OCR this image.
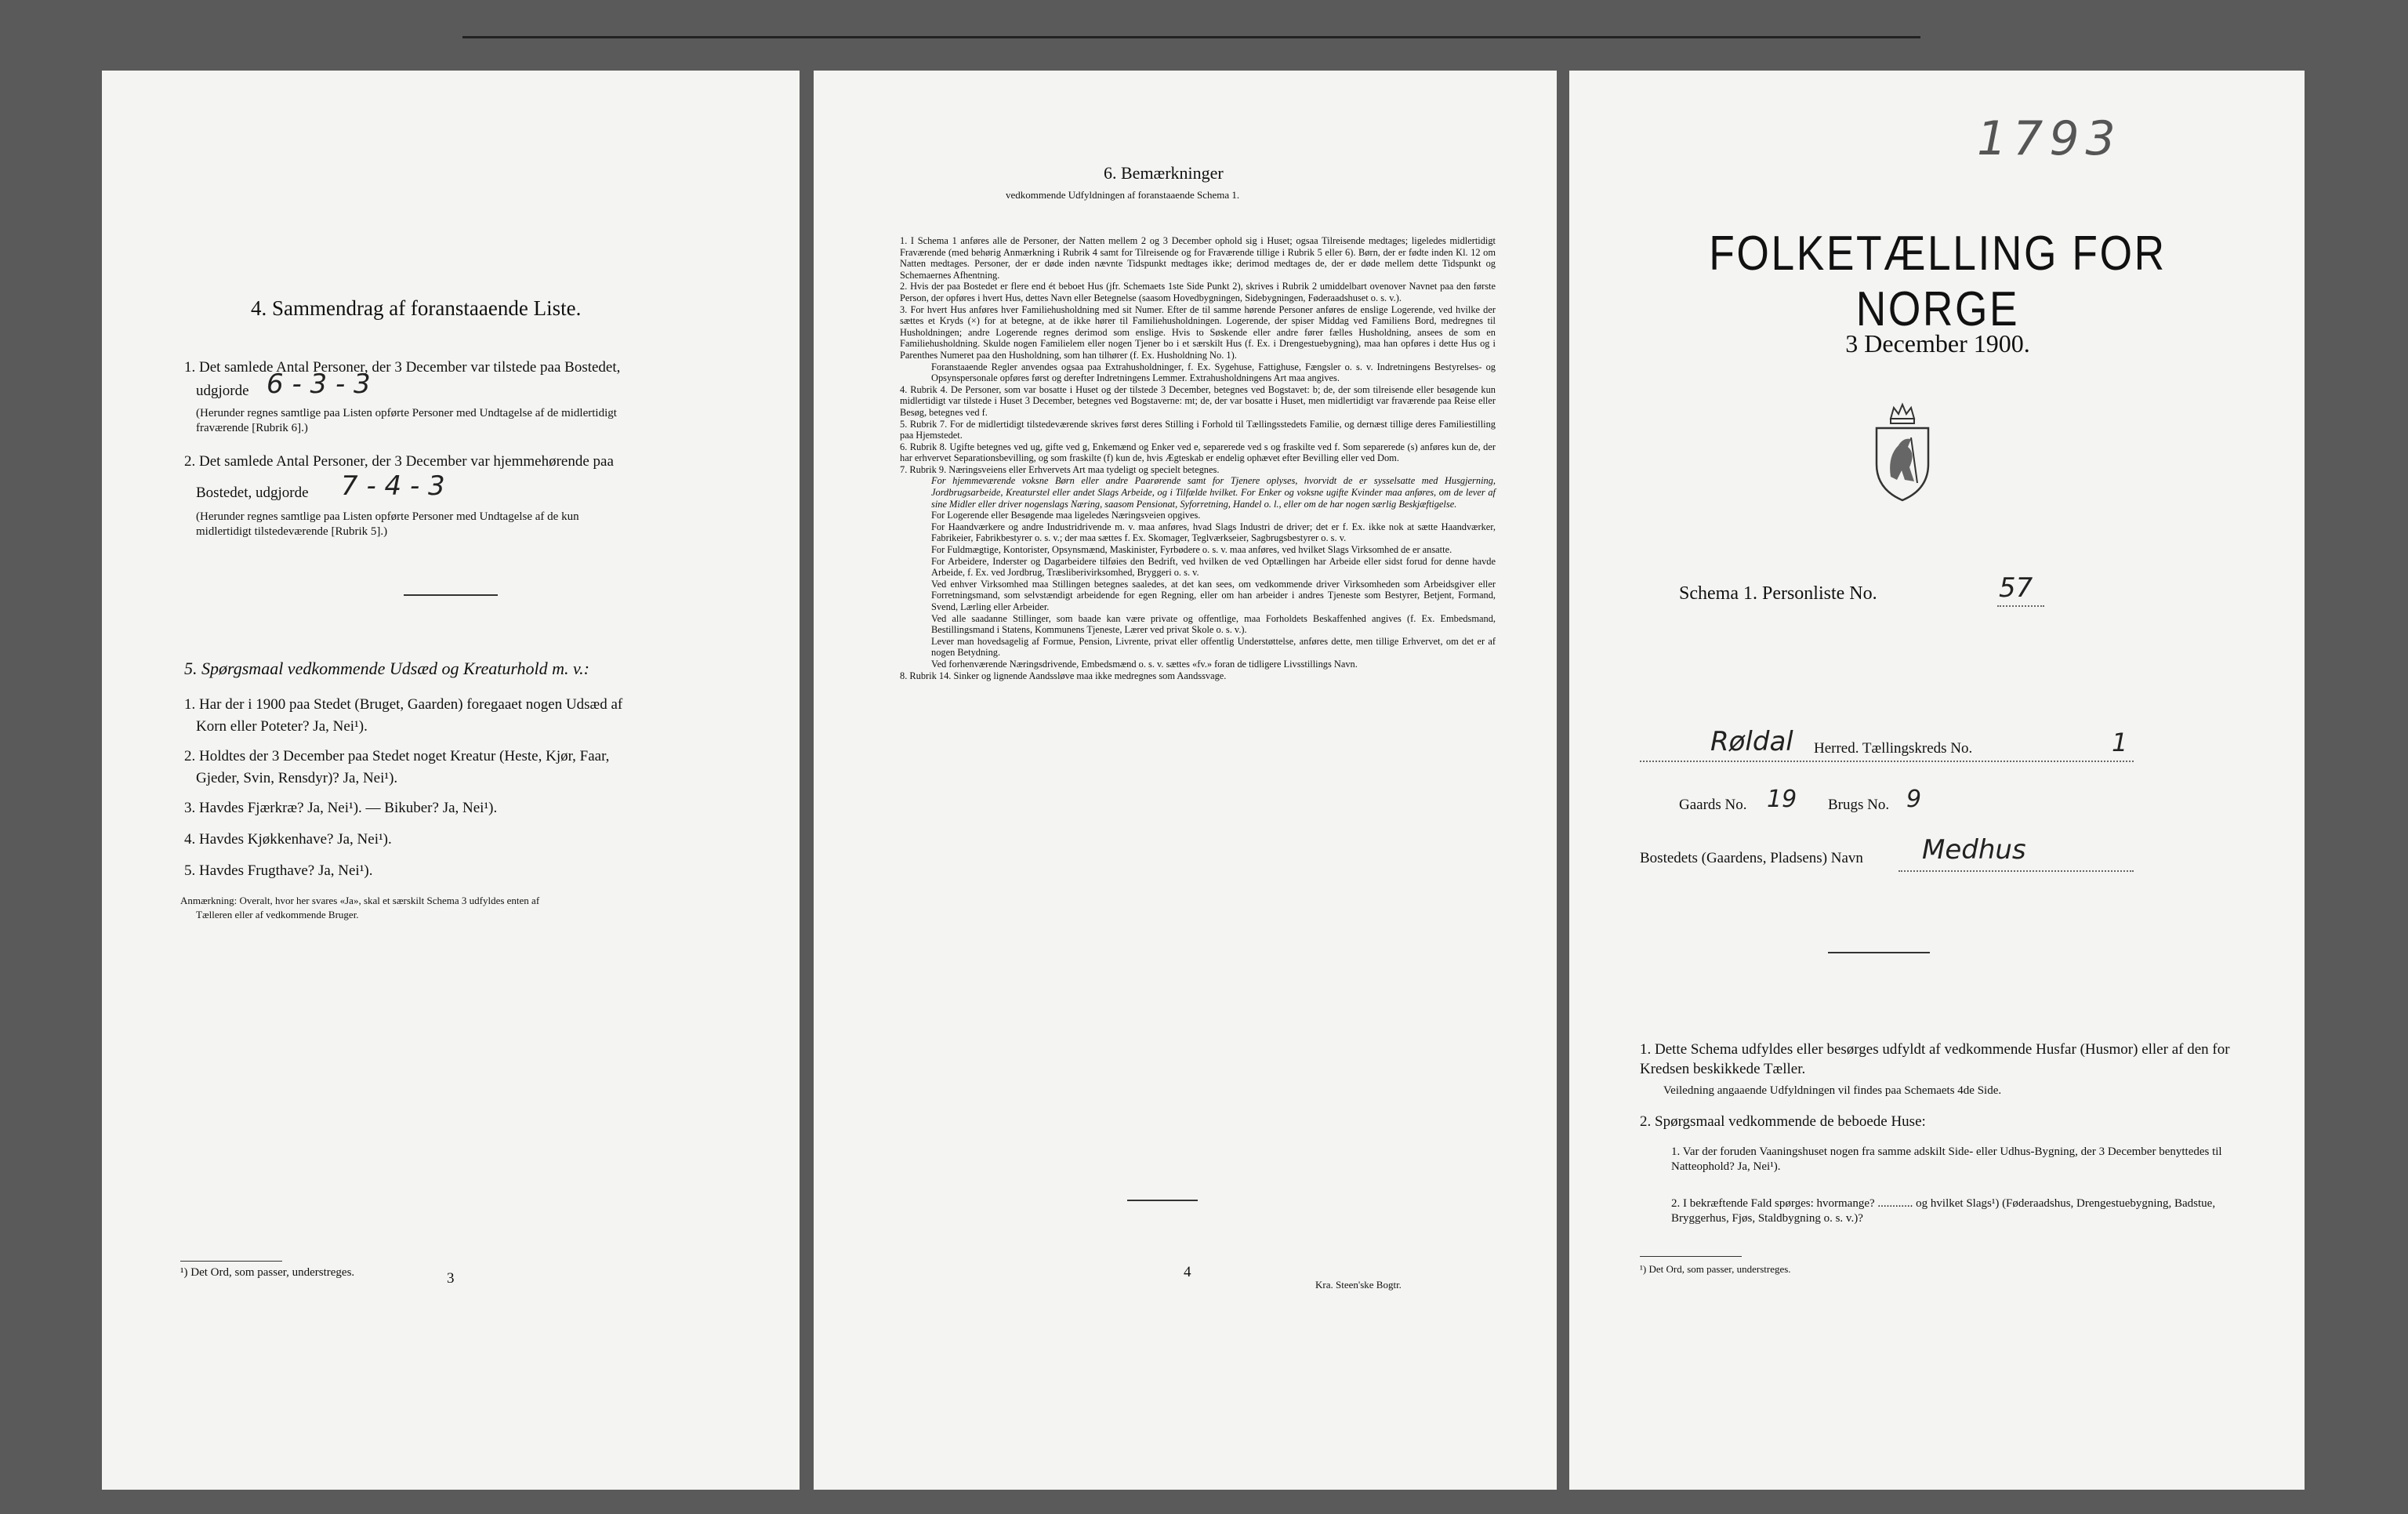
4. Sammendrag af foranstaaende Liste.
1. Det samlede Antal Personer, der 3 December var tilstede paa Bostedet,
udgjorde 6 - 3 - 3
(Herunder regnes samtlige paa Listen opførte Personer med Undtagelse af de midlertidigt
fraværende [Rubrik 6].)
2. Det samlede Antal Personer, der 3 December var hjemmehørende paa
Bostedet, udgjorde 7 - 4 - 3
(Herunder regnes samtlige paa Listen opførte Personer med Undtagelse af de kun
midlertidigt tilstedeværende [Rubrik 5].)
5. Spørgsmaal vedkommende Udsæd og Kreaturhold m. v.:
1. Har der i 1900 paa Stedet (Bruget, Gaarden) foregaaet nogen Udsæd af
Korn eller Poteter? Ja, Nei¹).
2. Holdtes der 3 December paa Stedet noget Kreatur (Heste, Kjør, Faar,
Gjeder, Svin, Rensdyr)? Ja, Nei¹).
3. Havdes Fjærkræ? Ja, Nei¹). — Bikuber? Ja, Nei¹).
4. Havdes Kjøkkenhave? Ja, Nei¹).
5. Havdes Frugthave? Ja, Nei¹).
Anmærkning: Overalt, hvor her svares «Ja», skal et særskilt Schema 3 udfyldes enten af
Tælleren eller af vedkommende Bruger.
¹) Det Ord, som passer, understreges.	3
6. Bemærkninger
vedkommende Udfyldningen af foranstaaende Schema 1.

1. I Schema 1 anføres alle de Personer, der Natten mellem 2 og 3 December ophold sig i Huset; ogsaa Tilreisende medtages; ligeledes midlertidigt Fraværende (med behørig Anmærkning i Rubrik 4 samt for Tilreisende og for Fraværende tillige i Rubrik 5 eller 6). Børn, der er fødte inden Kl. 12 om Natten medtages. Personer, der er døde inden nævnte Tidspunkt medtages ikke; derimod medtages de, der er døde mellem dette Tidspunkt og Schemaernes Afhentning.

2. Hvis der paa Bostedet er flere end ét beboet Hus (jfr. Schemaets 1ste Side Punkt 2), skrives i Rubrik 2 umiddelbart ovenover Navnet paa den første Person, der opføres i hvert Hus, dettes Navn eller Betegnelse (saasom Hovedbygningen, Sidebygningen, Føderaadshuset o. s. v.).

3. For hvert Hus anføres hver Familiehusholdning med sit Numer. Efter de til samme hørende Personer anføres de enslige Logerende, ved hvilke der sættes et Kryds (×) for at betegne, at de ikke hører til Familiehusholdningen. Logerende, der spiser Middag ved Familiens Bord, medregnes til Husholdningen; andre Logerende regnes derimod som enslige. Hvis to Søskende eller andre fører fælles Husholdning, ansees de som en Familiehusholdning. Skulde nogen Familielem eller nogen Tjener bo i et særskilt Hus (f. Ex. i Drengestuebygning), maa han opføres i dette Hus og i Parenthes Numeret paa den Husholdning, som han tilhører (f. Ex. Husholdning No. 1).

Foranstaaende Regler anvendes ogsaa paa Extrahusholdninger, f. Ex. Sygehuse, Fattighuse, Fængsler o. s. v. Indretningens Bestyrelses- og Opsynspersonale opføres først og derefter Indretningens Lemmer. Extrahusholdningens Art maa angives.

4. Rubrik 4. De Personer, som var bosatte i Huset og der tilstede 3 December, betegnes ved Bogstavet: b; de, der som tilreisende eller besøgende kun midlertidigt var tilstede i Huset 3 December, betegnes ved Bogstaverne: mt; de, der var bosatte i Huset, men midlertidigt var fraværende paa Reise eller Besøg, betegnes ved f.

5. Rubrik 7. For de midlertidigt tilstedeværende skrives først deres Stilling i Forhold til Tællingsstedets Familie, og dernæst tillige deres Familiestilling paa Hjemstedet.

6. Rubrik 8. Ugifte betegnes ved ug, gifte ved g, Enkemænd og Enker ved e, separerede ved s og fraskilte ved f. Som separerede (s) anføres kun de, der har erhvervet Separationsbevilling, og som fraskilte (f) kun de, hvis Ægteskab er endelig ophævet efter Bevilling eller ved Dom.

7. Rubrik 9. Næringsveiens eller Erhvervets Art maa tydeligt og specielt betegnes.

For hjemmeværende voksne Børn eller andre Paarørende samt for Tjenere oplyses, hvorvidt de er sysselsatte med Husgjerning, Jordbrugsarbeide, Kreaturstel eller andet Slags Arbeide, og i Tilfælde hvilket. For Enker og voksne ugifte Kvinder maa anføres, om de lever af sine Midler eller driver nogenslags Næring, saasom Pensionat, Syforretning, Handel o. l., eller om de har nogen særlig Beskjæftigelse.

For Logerende eller Besøgende maa ligeledes Næringsveien opgives.

For Haandværkere og andre Industridrivende m. v. maa anføres, hvad Slags Industri de driver; det er f. Ex. ikke nok at sætte Haandværker, Fabrikeier, Fabrikbestyrer o. s. v.; der maa sættes f. Ex. Skomager, Teglværkseier, Sagbrugsbestyrer o. s. v.

For Fuldmægtige, Kontorister, Opsynsmænd, Maskinister, Fyrbødere o. s. v. maa anføres, ved hvilket Slags Virksomhed de er ansatte.

For Arbeidere, Inderster og Dagarbeidere tilføies den Bedrift, ved hvilken de ved Optællingen har Arbeide eller sidst forud for denne havde Arbeide, f. Ex. ved Jordbrug, Træsliberivirksomhed, Bryggeri o. s. v.

Ved enhver Virksomhed maa Stillingen betegnes saaledes, at det kan sees, om vedkommende driver Virksomheden som Arbeidsgiver eller Forretningsmand, som selvstændigt arbeidende for egen Regning, eller om han arbeider i andres Tjeneste som Bestyrer, Betjent, Formand, Svend, Lærling eller Arbeider.

Ved alle saadanne Stillinger, som baade kan være private og offentlige, maa Forholdets Beskaffenhed angives (f. Ex. Embedsmand, Bestillingsmand i Statens, Kommunens Tjeneste, Lærer ved privat Skole o. s. v.).

Lever man hovedsagelig af Formue, Pension, Livrente, privat eller offentlig Understøttelse, anføres dette, men tillige Erhvervet, om det er af nogen Betydning.

Ved forhenværende Næringsdrivende, Embedsmænd o. s. v. sættes «fv.» foran de tidligere Livsstillings Navn.

8. Rubrik 14. Sinker og lignende Aandssløve maa ikke medregnes som Aandssvage.

4
Kra. Steen'ske Bogtr.
1793
FOLKETÆLLING FOR NORGE
3 December 1900.
Schema 1. Personliste No.	57
Røldal Herred. Tællingskreds No.	1
Gaards No. 19 Brugs No. 9
Bostedets (Gaardens, Pladsens) Navn Medhus
1. Dette Schema udfyldes eller besørges udfyldt af vedkommende Husfar (Husmor) eller af den for Kredsen beskikkede Tæller.
Veiledning angaaende Udfyldningen vil findes paa Schemaets 4de Side.
2. Spørgsmaal vedkommende de beboede Huse:
1. Var der foruden Vaaningshuset nogen fra samme adskilt Side- eller Udhus-Bygning, der 3 December benyttedes til Natteophold? Ja, Nei¹).
2. I bekræftende Fald spørges: hvormange? ............ og hvilket Slags¹) (Føderaadshus, Drengestuebygning, Badstue, Bryggerhus, Fjøs, Staldbygning o. s. v.)?
¹) Det Ord, som passer, understreges.
